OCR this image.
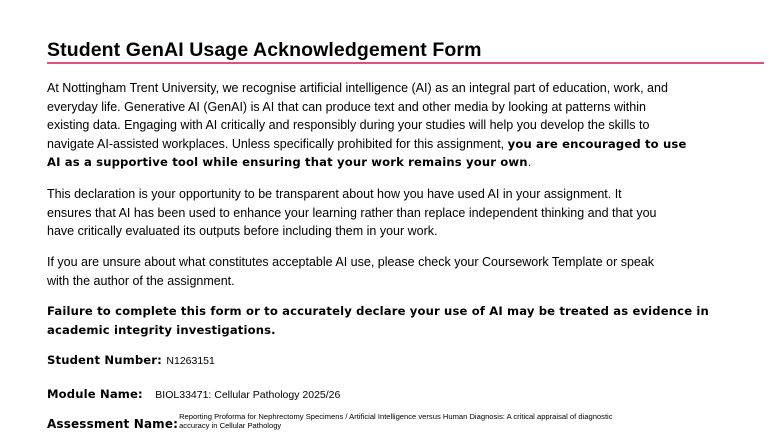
Student GenAI Usage Acknowledgement Form

At Nottingham Trent University, we recognise artificial intelligence (AI) as an integral part of education, work, and
everyday life. Generative AI (GenAI) is AI that can produce text and other media by looking at patterns within
existing data. Engaging with AI critically and responsibly during your studies will help you develop the skills to
navigate AI-assisted workplaces. Unless specifically prohibited for this assignment, you are encouraged to use
AI as a supportive tool while ensuring that your work remains your own.

This declaration is your opportunity to be transparent about how you have used AI in your assignment. It
ensures that AI has been used to enhance your learning rather than replace independent thinking and that you
have critically evaluated its outputs before including them in your work.

If you are unsure about what constitutes acceptable AI use, please check your Coursework Template or speak
with the author of the assignment.

Failure to complete this form or to accurately declare your use of AI may be treated as evidence in
academic integrity investigations.

Student Number: N1263151
Module Name: BIOL33471: Cellular Pathology 2025/26
Assessment Name:
Reporting Proforma for Nephrectomy Specimens / Artificial Intelligence versus Human Diagnosis: A critical appraisal of diagnostic
accuracy in Cellular Pathology
